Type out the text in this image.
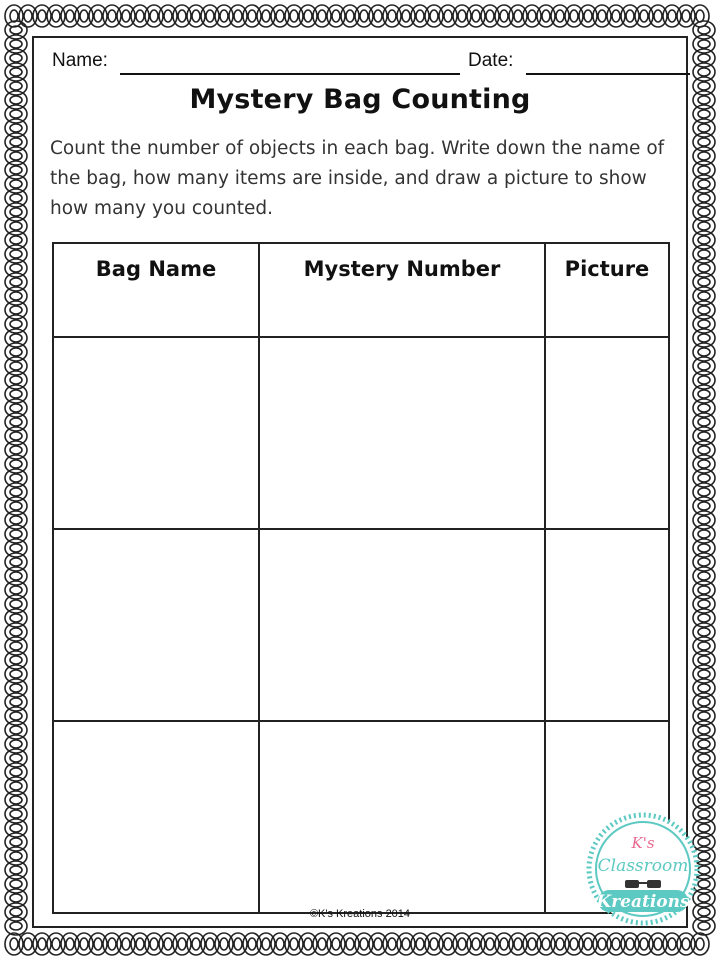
Name:	Date:
Mystery Bag Counting
Count the number of objects in each bag. Write down the name of the bag, how many items are inside, and draw a picture to show how many you counted.
Bag Name	Mystery Number	Picture

©K's Kreations 2014
K's
Classroom
Kreations
